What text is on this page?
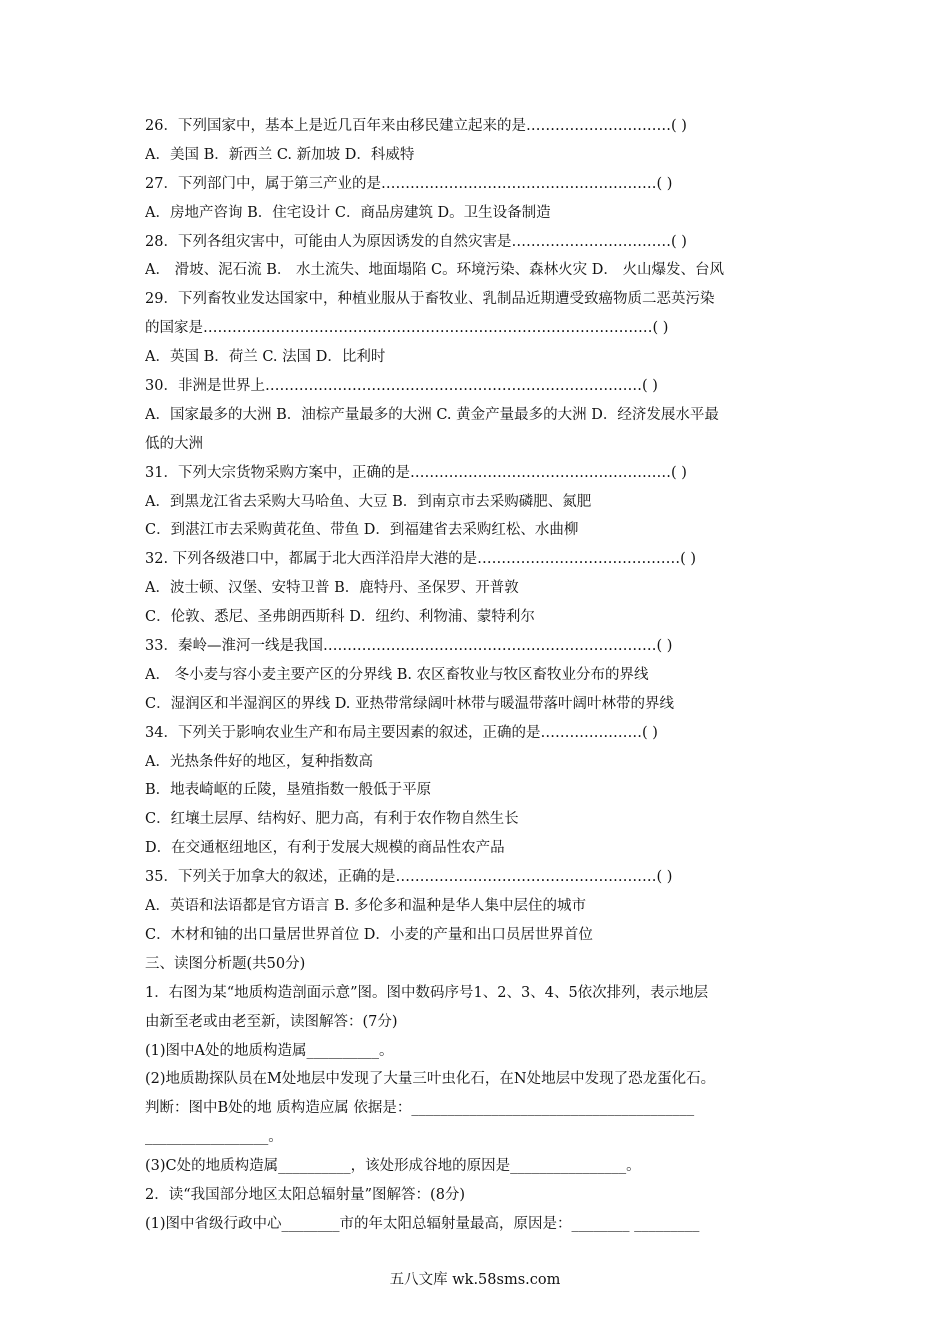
26．下列国家中，基本上是近几百年来由移民建立起来的是…………………………( )
A．美国 B．新西兰 C. 新加坡 D．科威特
27．下列部门中，属于第三产业的是…………………………………………………( )
A．房地产咨询 B．住宅设计 C．商品房建筑 D。卫生设备制造
28．下列各组灾害中，可能由人为原因诱发的自然灾害是……………………………( )
A． 滑坡、泥石流 B． 水土流失、地面塌陷 C。环境污染、森林火灾 D． 火山爆发、台风
29．下列畜牧业发达国家中，种植业服从于畜牧业、乳制品近期遭受致癌物质二恶英污染
的国家是…………………………………………………………………………………( )
A．英国 B．荷兰 C. 法国 D．比利时
30．非洲是世界上……………………………………………………………………( )
A．国家最多的大洲 B．油棕产量最多的大洲 C. 黄金产量最多的大洲 D．经济发展水平最
低的大洲
31．下列大宗货物采购方案中，正确的是………………………………………………( )
A．到黑龙江省去采购大马哈鱼、大豆 B．到南京市去采购磷肥、氮肥
C．到湛江市去采购黄花鱼、带鱼 D．到福建省去采购红松、水曲柳
32. 下列各级港口中，都属于北大西洋沿岸大港的是……………………………………( )
A．波士顿、汉堡、安特卫普 B．鹿特丹、圣保罗、开普敦
C．伦敦、悉尼、圣弗朗西斯科 D．纽约、利物浦、蒙特利尔
33．秦岭—淮河一线是我国……………………………………………………………( )
A． 冬小麦与容小麦主要产区的分界线 B. 农区畜牧业与牧区畜牧业分布的界线
C．湿润区和半湿润区的界线 D. 亚热带常绿阔叶林带与暖温带落叶阔叶林带的界线
34．下列关于影响农业生产和布局主要因素的叙述，正确的是…………………( )
A．光热条件好的地区，复种指数高
B．地表崎岖的丘陵，垦殖指数一般低于平原
C．红壤土层厚、结构好、肥力高，有利于农作物自然生长
D．在交通枢纽地区，有利于发展大规模的商品性农产品
35．下列关于加拿大的叙述，正确的是………………………………………………( )
A．英语和法语都是官方语言 B. 多伦多和温种是华人集中层住的城市
C．木材和铀的出口量居世界首位 D．小麦的产量和出口员居世界首位
三、读图分析题(共50分)
1．右图为某“地质构造剖面示意”图。图中数码序号1、2、3、4、5依次排列，表示地层
由新至老或由老至新，读图解答：(7分)
(1)图中A处的地质构造属__________。
(2)地质勘探队员在M处地层中发现了大量三叶虫化石，在N处地层中发现了恐龙蛋化石。
判断：图中B处的地 质构造应属 依据是：_______________________________________
_________________。
(3)C处的地质构造属__________，该处形成谷地的原因是________________。
2．读“我国部分地区太阳总辐射量”图解答：(8分)
(1)图中省级行政中心________市的年太阳总辐射量最高，原因是：________ _________
五八文库 wk.58sms.com
